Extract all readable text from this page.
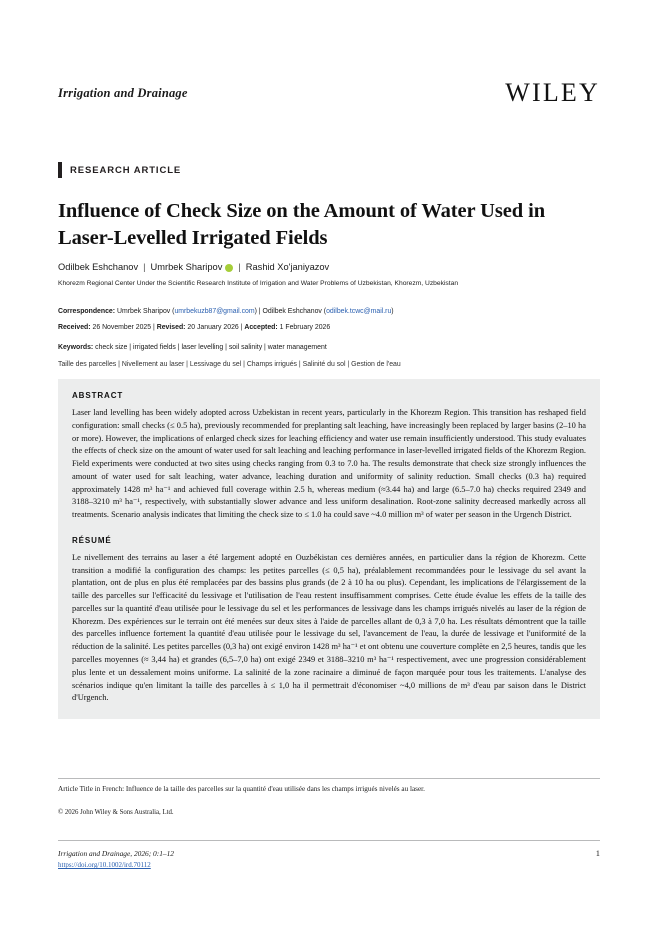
Irrigation and Drainage	WILEY
RESEARCH ARTICLE
Influence of Check Size on the Amount of Water Used in Laser-Levelled Irrigated Fields
Odilbek Eshchanov | Umrbek Sharipov | Rashid Xo'janiyazov
Khorezm Regional Center Under the Scientific Research Institute of Irrigation and Water Problems of Uzbekistan, Khorezm, Uzbekistan
Correspondence: Umrbek Sharipov (umrbekuzb87@gmail.com) | Odilbek Eshchanov (odilbek.tcwc@mail.ru)
Received: 26 November 2025 | Revised: 20 January 2026 | Accepted: 1 February 2026
Keywords: check size | irrigated fields | laser levelling | soil salinity | water management
Taille des parcelles | Nivellement au laser | Lessivage du sel | Champs irrigués | Salinité du sol | Gestion de l'eau
ABSTRACT

Laser land levelling has been widely adopted across Uzbekistan in recent years, particularly in the Khorezm Region. This transition has reshaped field configuration: small checks (≤ 0.5 ha), previously recommended for preplanting salt leaching, have increasingly been replaced by larger basins (2–10 ha or more). However, the implications of enlarged check sizes for leaching efficiency and water use remain insufficiently understood. This study evaluates the effects of check size on the amount of water used for salt leaching and leaching performance in laser-levelled irrigated fields of the Khorezm Region. Field experiments were conducted at two sites using checks ranging from 0.3 to 7.0 ha. The results demonstrate that check size strongly influences the amount of water used for salt leaching, water advance, leaching duration and uniformity of salinity reduction. Small checks (0.3 ha) required approximately 1428 m³ ha⁻¹ and achieved full coverage within 2.5 h, whereas medium (≈3.44 ha) and large (6.5–7.0 ha) checks required 2349 and 3188–3210 m³ ha⁻¹, respectively, with substantially slower advance and less uniform desalination. Root-zone salinity decreased markedly across all treatments. Scenario analysis indicates that limiting the check size to ≤ 1.0 ha could save ~4.0 million m³ of water per season in the Urgench District.

RÉSUMÉ

Le nivellement des terrains au laser a été largement adopté en Ouzbékistan ces dernières années, en particulier dans la région de Khorezm. Cette transition a modifié la configuration des champs: les petites parcelles (≤ 0,5 ha), préalablement recommandées pour le lessivage du sel avant la plantation, ont de plus en plus été remplacées par des bassins plus grands (de 2 à 10 ha ou plus). Cependant, les implications de l'élargissement de la taille des parcelles sur l'efficacité du lessivage et l'utilisation de l'eau restent insuffisamment comprises. Cette étude évalue les effets de la taille des parcelles sur la quantité d'eau utilisée pour le lessivage du sel et les performances de lessivage dans les champs irrigués nivelés au laser de la région de Khorezm. Des expériences sur le terrain ont été menées sur deux sites à l'aide de parcelles allant de 0,3 à 7,0 ha. Les résultats démontrent que la taille des parcelles influence fortement la quantité d'eau utilisée pour le lessivage du sel, l'avancement de l'eau, la durée de lessivage et l'uniformité de la réduction de la salinité. Les petites parcelles (0,3 ha) ont exigé environ 1428 m³ ha⁻¹ et ont obtenu une couverture complète en 2,5 heures, tandis que les parcelles moyennes (≈ 3,44 ha) et grandes (6,5–7,0 ha) ont exigé 2349 et 3188–3210 m³ ha⁻¹ respectivement, avec une progression considérablement plus lente et un dessalement moins uniforme. La salinité de la zone racinaire a diminué de façon marquée pour tous les traitements. L'analyse des scénarios indique qu'en limitant la taille des parcelles à ≤ 1,0 ha il permettrait d'économiser ~4,0 millions de m³ d'eau par saison dans le District d'Urgench.

Article Title in French: Influence de la taille des parcelles sur la quantité d'eau utilisée dans les champs irrigués nivelés au laser.
© 2026 John Wiley & Sons Australia, Ltd.
Irrigation and Drainage, 2026; 0:1–12
https://doi.org/10.1002/ird.70112
1
